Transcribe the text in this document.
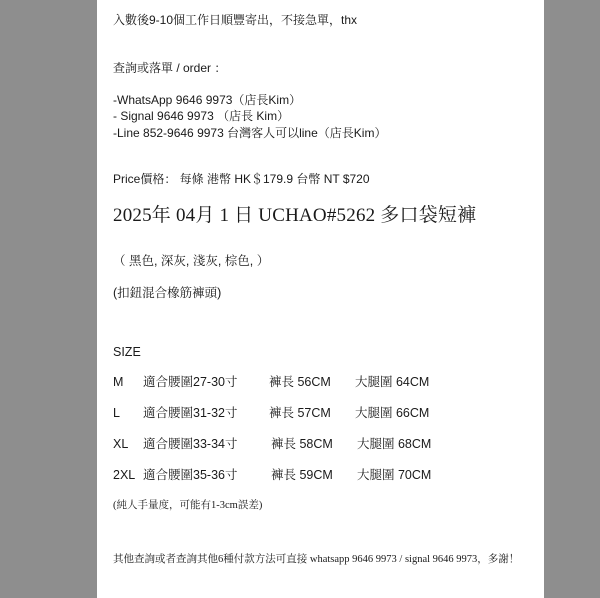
入數後9-10個工作日順豐寄出，不接急單，thx
查詢或落單 / order ：
-WhatsApp 9646 9973（店長Kim）
- Signal 9646 9973 （店長 Kim）
-Line 852-9646 9973 台灣客人可以line（店長Kim）
Price價格： 每條 港幣 HK＄179.9 台幣 NT $720
2025年 04月 1 日 UCHAO#5262 多口袋短褲
（ 黑色, 深灰, 淺灰, 棕色, ）
(扣鈕混合橡筋褲頭)
SIZE
M 適合腰圍27-30寸	褲長 56CM 大腿圍 64CM
L 適合腰圍31-32寸	褲長 57CM 大腿圍 66CM
XL 適合腰圍33-34寸	褲長 58CM 大腿圍 68CM
2XL 適合腰圍35-36寸	褲長 59CM 大腿圍 70CM
(純人手量度，可能有1-3cm誤差)
其他查詢或者查詢其他6種付款方法可直接 whatsapp 9646 9973 / signal 9646 9973，多謝！
